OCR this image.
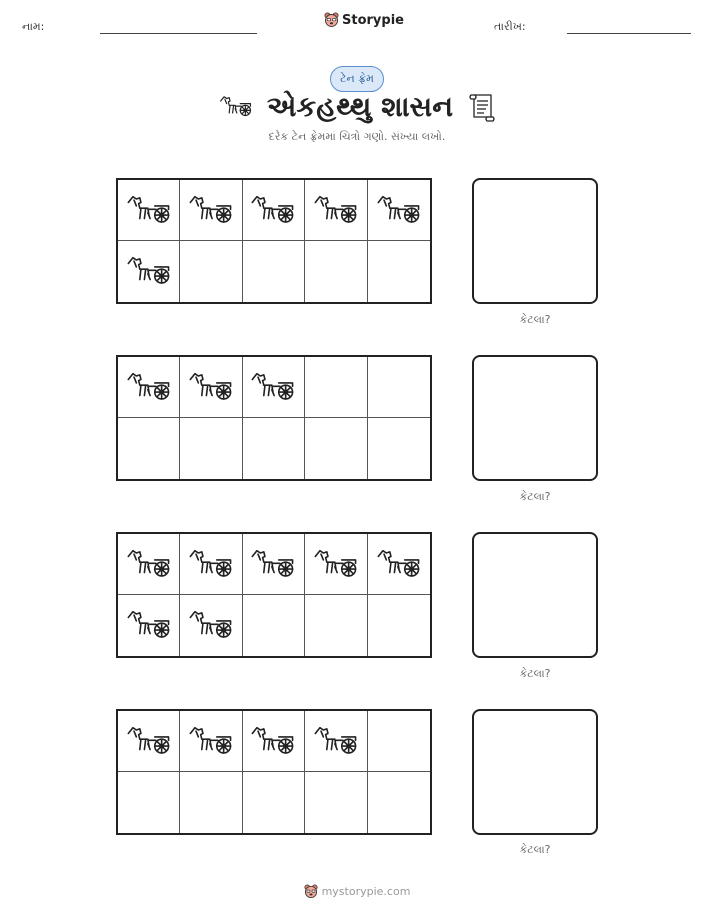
નામ:	Storypie	તારીખ:
ટેન ફ્રેમ
એકહથ્થુ શાસન
દરેક ટેન ફ્રેમમાં ચિત્રો ગણો. સંખ્યા લખો.
કેટલા?
કેટલા?
કેટલા?
કેટલા?
mystorypie.com
